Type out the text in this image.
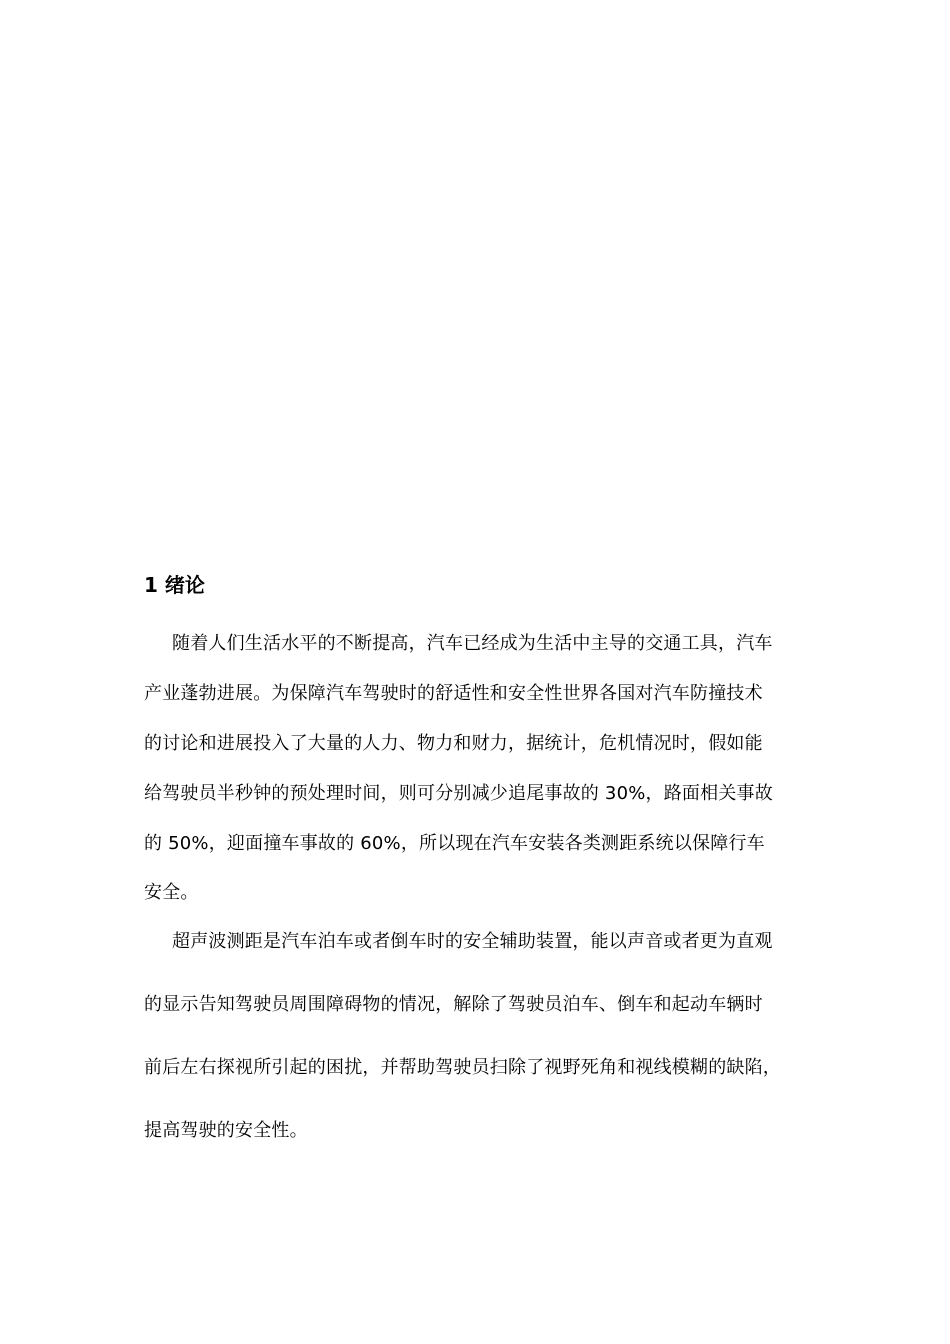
1 绪论
随着人们生活水平的不断提高，汽车已经成为生活中主导的交通工具，汽车
产业蓬勃进展。为保障汽车驾驶时的舒适性和安全性世界各国对汽车防撞技术
的讨论和进展投入了大量的人力、物力和财力，据统计，危机情况时，假如能
给驾驶员半秒钟的预处理时间，则可分别减少追尾事故的 30%，路面相关事故
的 50%，迎面撞车事故的 60%，所以现在汽车安装各类测距系统以保障行车
安全。
超声波测距是汽车泊车或者倒车时的安全辅助装置，能以声音或者更为直观
的显示告知驾驶员周围障碍物的情况，解除了驾驶员泊车、倒车和起动车辆时
前后左右探视所引起的困扰，并帮助驾驶员扫除了视野死角和视线模糊的缺陷，
提高驾驶的安全性。
